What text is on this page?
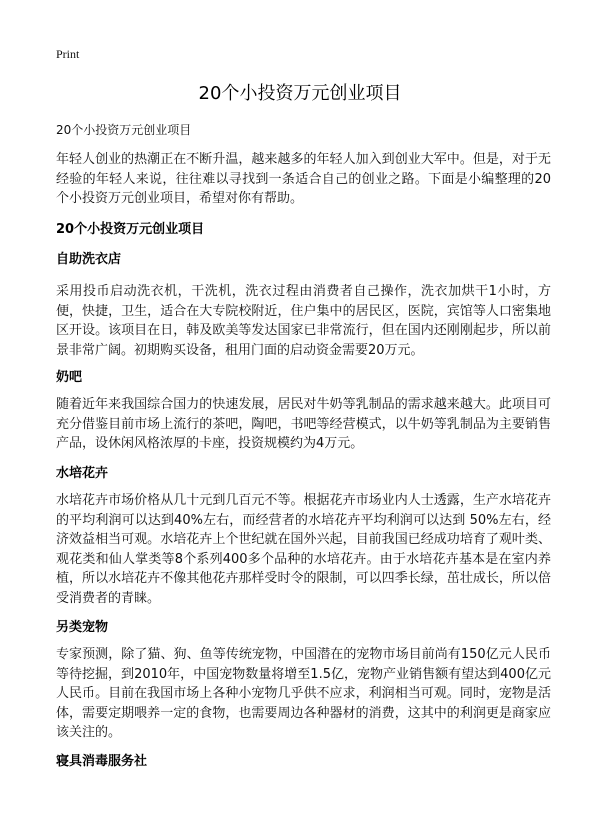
Print
20个小投资万元创业项目
20个小投资万元创业项目
年轻人创业的热潮正在不断升温，越来越多的年轻人加入到创业大军中。但是，对于无经验的年轻人来说，往往难以寻找到一条适合自己的创业之路。下面是小编整理的20个小投资万元创业项目，希望对你有帮助。
20个小投资万元创业项目
自助洗衣店
采用投币启动洗衣机，干洗机，洗衣过程由消费者自己操作，洗衣加烘干1小时，方便，快捷，卫生，适合在大专院校附近，住户集中的居民区，医院，宾馆等人口密集地区开设。该项目在日，韩及欧美等发达国家已非常流行，但在国内还刚刚起步，所以前景非常广阔。初期购买设备，租用门面的启动资金需要20万元。
奶吧
随着近年来我国综合国力的快速发展，居民对牛奶等乳制品的需求越来越大。此项目可充分借鉴目前市场上流行的茶吧，陶吧，书吧等经营模式，以牛奶等乳制品为主要销售产品，设休闲风格浓厚的卡座，投资规模约为4万元。
水培花卉
水培花卉市场价格从几十元到几百元不等。根据花卉市场业内人士透露，生产水培花卉的平均利润可以达到40%左右，而经营者的水培花卉平均利润可以达到 50%左右，经济效益相当可观。水培花卉上个世纪就在国外兴起，目前我国已经成功培育了观叶类、观花类和仙人掌类等8个系列400多个品种的水培花卉。由于水培花卉基本是在室内养植，所以水培花卉不像其他花卉那样受时令的限制，可以四季长绿，茁壮成长，所以倍受消费者的青睐。
另类宠物
专家预测，除了猫、狗、鱼等传统宠物，中国潜在的宠物市场目前尚有150亿元人民币等待挖掘，到2010年，中国宠物数量将增至1.5亿，宠物产业销售额有望达到400亿元人民币。目前在我国市场上各种小宠物几乎供不应求，利润相当可观。同时，宠物是活体，需要定期喂养一定的食物，也需要周边各种器材的消费，这其中的利润更是商家应该关注的。
寝具消毒服务社
